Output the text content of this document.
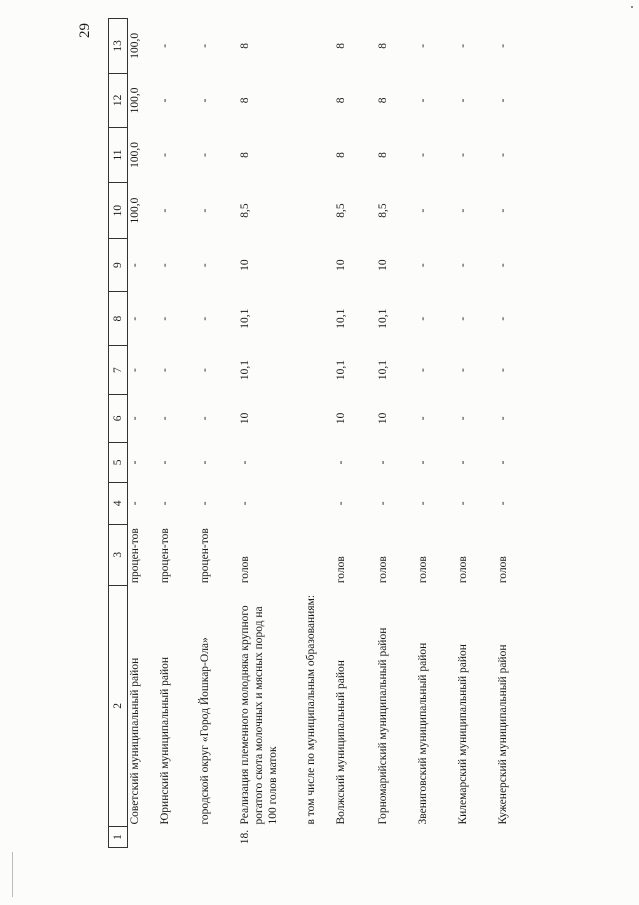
29
1	2	3	4	5	6	7	8	9	10	11	12	13
	Советский муниципальный район	процен-тов	-	-	-	-	-	-	100,0	100,0	100,0	100,0
	Юринский муниципальный район	процен-тов	-	-	-	-	-	-	-	-	-	-
	городской округ «Город Йошкар-Ола»	процен-тов	-	-	-	-	-	-	-	-	-	-
18.	Реализация племенного молодняка крупного рогатого скота молочных и мясных пород на 100 голов маток	голов	-	-	10	10,1	10,1	10	8,5	8	8	8
	в том числе по муниципальным образованиям:											
	Волжский муниципальный район	голов	-	-	10	10,1	10,1	10	8,5	8	8	8
	Горномарийский муниципальный район	голов	-	-	10	10,1	10,1	10	8,5	8	8	8
	Звениговский муниципальный район	голов	-	-	-	-	-	-	-	-	-	-
	Килемарский муниципальный район	голов	-	-	-	-	-	-	-	-	-	-
	Куженерский муниципальный район	голов	-	-	-	-	-	-	-	-	-	-
